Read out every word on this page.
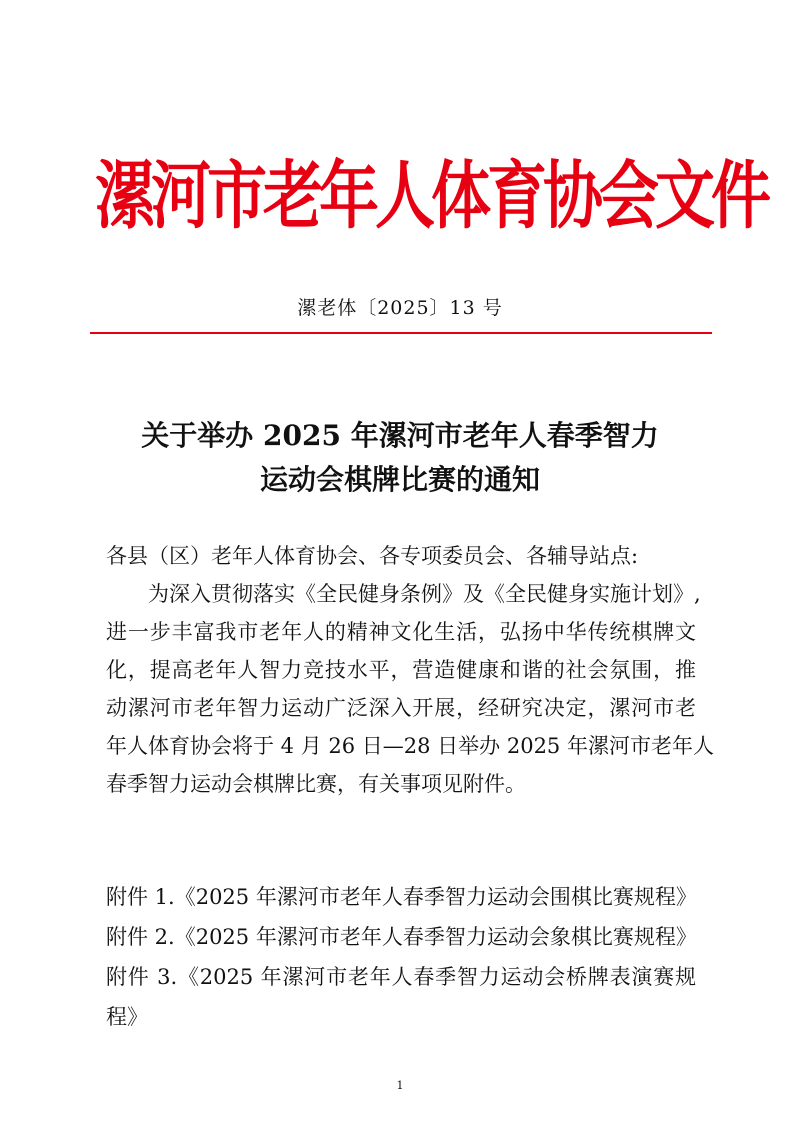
漯河市老年人体育协会文件
漯老体〔2025〕13 号
关于举办 2025 年漯河市老年人春季智力
运动会棋牌比赛的通知
各县（区）老年人体育协会、各专项委员会、各辅导站点:
为深入贯彻落实《全民健身条例》及《全民健身实施计划》,
进一步丰富我市老年人的精神文化生活，弘扬中华传统棋牌文
化，提高老年人智力竞技水平，营造健康和谐的社会氛围，推
动漯河市老年智力运动广泛深入开展，经研究决定，漯河市老
年人体育协会将于 4 月 26 日—28 日举办 2025 年漯河市老年人
春季智力运动会棋牌比赛，有关事项见附件。
附件 1.《2025 年漯河市老年人春季智力运动会围棋比赛规程》
附件 2.《2025 年漯河市老年人春季智力运动会象棋比赛规程》
附件 3.《2025 年漯河市老年人春季智力运动会桥牌表演赛规
程》
1
